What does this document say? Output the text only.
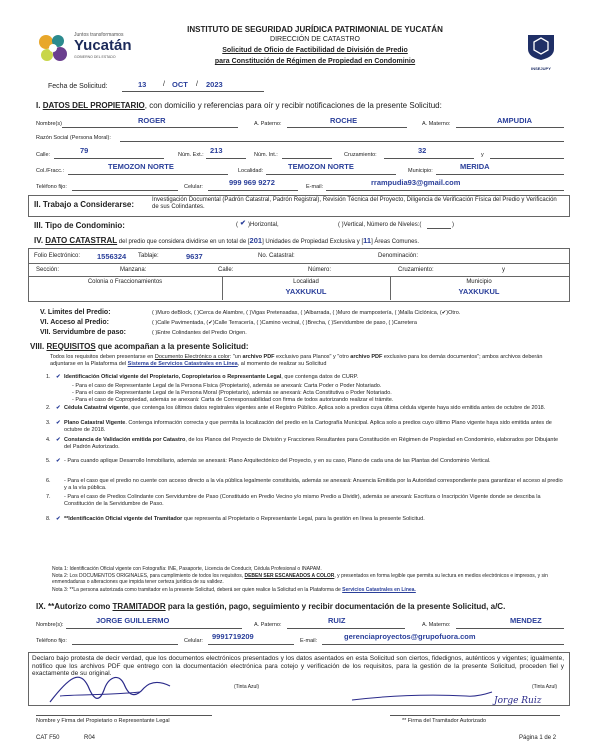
Juntos transformamos
Yucatán
GOBIERNO DEL ESTADO
INSTITUTO DE SEGURIDAD JURÍDICA PATRIMONIAL DE YUCATÁN
DIRECCIÓN DE CATASTRO
Solicitud de Oficio de Factibilidad de División de Predio
para Constitución de Régimen de Propiedad en Condominio
INSEJUPY
Fecha de Solicitud:	13 / OCT / 2023
I. DATOS DEL PROPIETARIO, con domicilio y referencias para oír y recibir notificaciones de la presente Solicitud:
Nombre(s)	ROGER	A. Paterno:	ROCHE	A. Materno:	AMPUDIA
Razón Social (Persona Moral):
Calle:	79	Núm. Ext.: 213	Núm. Int.:	Cruzamiento:	32	y
Col./Fracc.:	TEMOZON NORTE	Localidad:	TEMOZON NORTE	Municipio:	MERIDA
Teléfono fijo:	Celular:	999 969 9272	E-mail:	rrampudia93@gmail.com
II. Trabajo a Considerarse:	Investigación Documental (Padrón Catastral, Padrón Registral), Revisión Técnica del Proyecto, Diligencia de Verificación Física del Predio y Verificación de sus Colindantes.
III. Tipo de Condominio:	( ✔ )Horizontal,	( )Vertical, Número de Niveles:(	)
IV. DATO CATASTRAL del predio que considera dividirse en un total de [201] Unidades de Propiedad Exclusiva y [11] Áreas Comunes.
Folio Electrónico: 1556324 Tablaje:	9637	No. Catastral:	Denominación:
Sección:	Manzana:	Calle:	Número:	Cruzamiento:	y
Colonia o Fraccionamientos	Localidad
YAXKUKUL
Municipio
YAXKUKUL
V. Limites del Predio:	( )Muro deBlock, ( )Cerca de Alambre, ( )Vigas Pretensadas, ( )Albarrada, ( )Muro de mampostería, ( )Malla Ciclónica, (✔)Otro.
VI. Acceso al Predio:	( )Calle Pavimentada, (✔)Calle Terracería, ( )Camino vecinal, ( )Brecha, ( )Servidumbre de paso, ( )Carretera
VII. Servidumbre de paso:	( )Entre Colindantes del Predio Origen.
VIII. REQUISITOS que acompañan a la presente Solicitud:
Todos los requisitos deben presentarse en Documento Electrónico a color: "un archivo PDF exclusivo para Planos" y "otro archivo PDF exclusivo para los demás documentos"; ambos archivos deberán adjuntarse en la Plataforma del Sistema de Servicios Catastrales en Línea, al momento de realizar su Solicitud
1. ✔ Identificación Oficial vigente del Propietario, Copropietarios o Representante Legal, que contenga datos de CURP.
- Para el caso de Representante Legal de la Persona Física (Propietario), además se anexará: Carta Poder o Poder Notariado.
- Para el caso de Representante Legal de la Persona Moral (Propietario), además se anexará: Acta Constitutiva o Poder Notariado.
- Para el caso de Copropiedad, además se anexará: Carta de Corresponsabilidad con firma de todos autorizando realizar el trámite.
2. ✔ Cédula Catastral vigente, que contenga los últimos datos registrales vigentes ante el Registro Público. Aplica solo a predios cuya última cédula vigente haya sido emitida antes de octubre de 2018.
3. ✔ Plano Catastral Vigente. Contenga información correcta y que permita la localización del predio en la Cartografía Municipal. Aplica solo a predios cuyo último Plano vigente haya sido emitida antes de octubre de 2018.
4. ✔ Constancia de Validación emitida por Catastro, de los Planos del Proyecto de División y Fracciones Resultantes para Constitución en Régimen de Propiedad en Condominio, elaborados por Dibujante del Padrón Autorizado.
5. ✔ - Para cuando aplique Desarrollo Inmobiliario, además se anexará: Plano Arquitectónico del Proyecto, y en su caso, Plano de cada una de las Plantas del Condominio Vertical.
6. - Para el caso que el predio no cuente con acceso directo a la vía pública legalmente constituida, además se anexará: Anuencia Emitida por la Autoridad correspondiente para garantizar el acceso al predio y a la vía pública.
7. - Para el caso de Predios Colindante con Servidumbre de Paso (Constituido en Predio Vecino y/o mismo Predio a Dividir), además se anexará: Escritura o Inscripción Vigente donde se describa la Constitución de la Servidumbre de Paso.
8. ✔ **Identificación Oficial vigente del Tramitador que representa al Propietario o Representante Legal, para la gestión en línea la presente Solicitud.
Nota 1: Identificación Oficial vigente con Fotografía: INE, Pasaporte, Licencia de Conducir, Cédula Profesional o INAPAM.
Nota 2: Los DOCUMENTOS ORIGINALES, para cumplimiento de todos los requisitos, DEBEN SER ESCANEADOS A COLOR, y presentados en forma legible que permita su lectura en medios electrónicos e impresos, y sin enmendaduras o alteraciones que impida tener certeza jurídica de su validez.
Nota 3: **La persona autorizada como tramitador en la presente Solicitud, deberá ser quien realice la Solicitud en la Plataforma de Servicios Catastrales en Línea.
IX. **Autorizo como TRAMITADOR para la gestión, pago, seguimiento y recibir documentación de la presente Solicitud, a/C.
Nombre(s):	JORGE GUILLERMO	A. Paterno:	RUIZ	A. Materno:	MENDEZ
Teléfono fijo:	Celular: 9991719209	E-mail:	gerenciaproyectos@grupofuora.com
Declaro bajo protesta de decir verdad, que los documentos electrónicos presentados y los datos asentados en esta Solicitud son ciertos, fidedignos, auténticos y vigentes; igualmente, notifico que los archivos PDF que entrego con la documentación electrónica para cotejo y verificación de los requisitos, para la gestión de la presente Solicitud, proceden fiel y exactamente de su original.
(Tinta Azul)	(Tinta Azul)
Jorge Ruiz
Nombre y Firma del Propietario o Representante Legal	** Firma del Tramitador Autorizado
CAT F50	R04	Página 1 de 2
